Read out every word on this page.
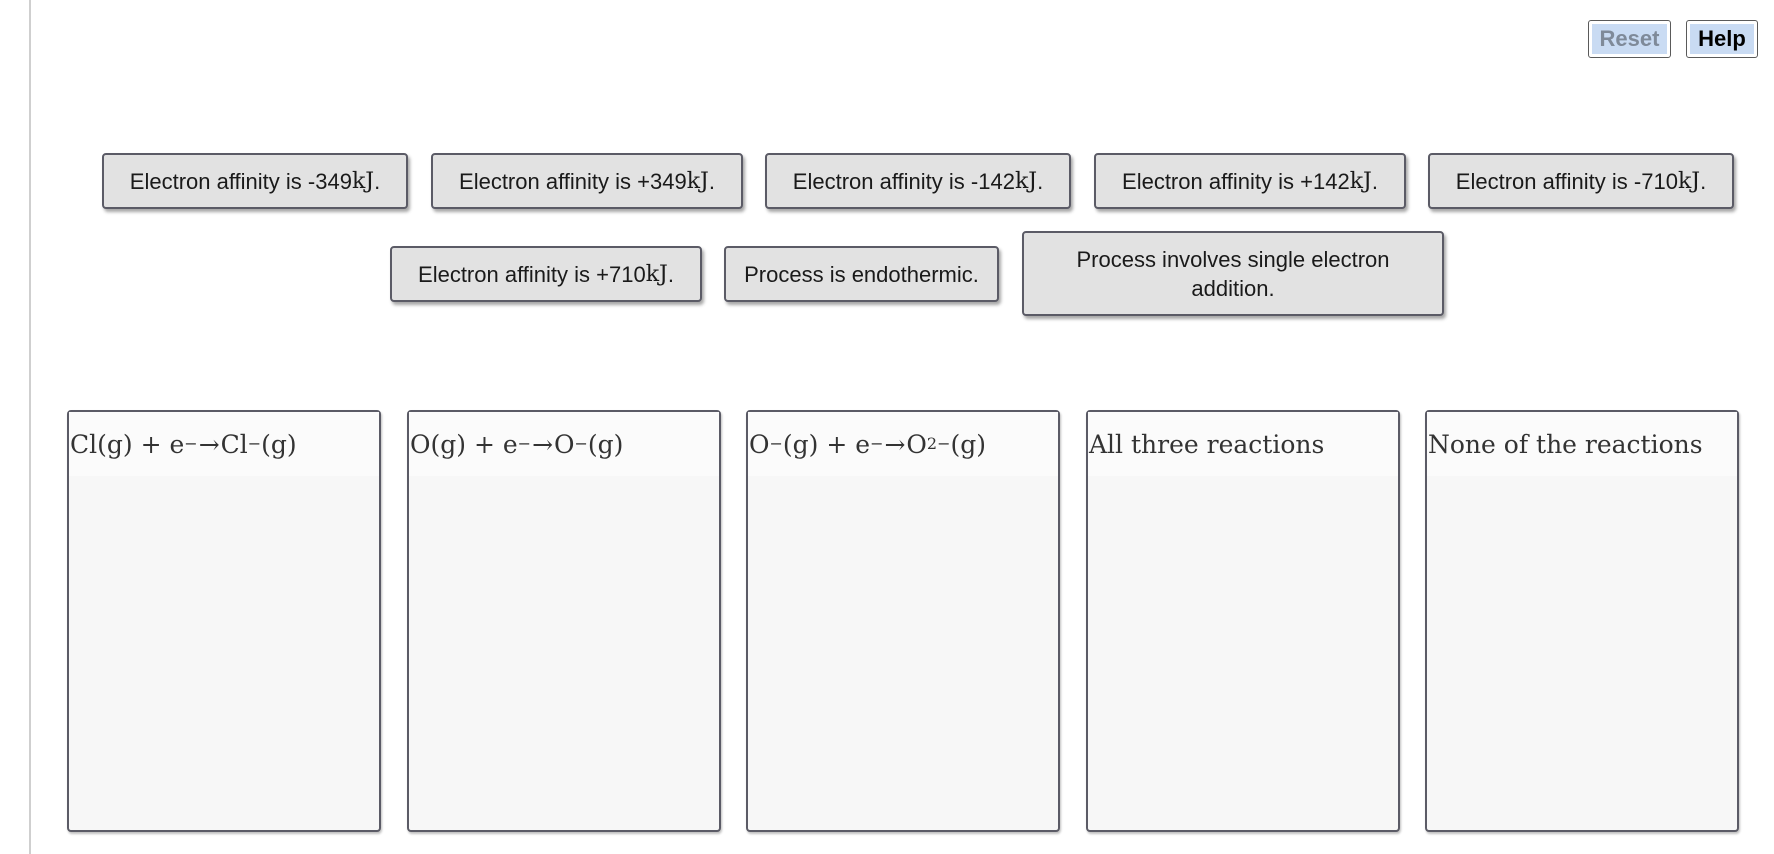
Reset	Help
Electron affinity is -349 kJ .	Electron affinity is +349 kJ .	Electron affinity is -142 kJ .	Electron affinity is +142 kJ .	Electron affinity is -710 kJ .
Electron affinity is +710 kJ .	Process is endothermic.
Process involves single electron addition.
Cl(g) + e − → Cl − (g)	O(g) + e − → O − (g)	O − (g) + e − → O 2− (g)	All three reactions	None of the reactions
